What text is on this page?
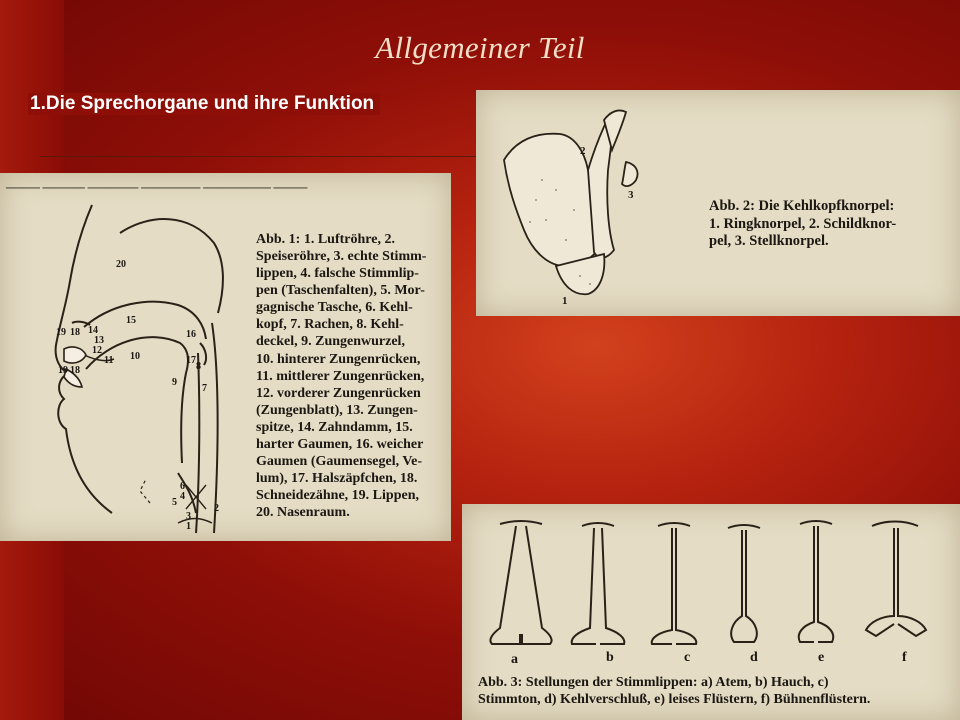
Allgemeiner Teil
1.Die Sprechorgane und ihre Funktion
▁▁▁▁ ▁▁▁▁▁ ▁▁▁▁▁▁ ▁▁▁▁▁▁▁ ▁▁▁▁▁▁▁▁ ▁▁▁▁
20
15
16
19 18 14
13
12
11 10	17
9
8
7
6
4
5
3
2
1
19 18
Abb. 1: 1. Luftröhre, 2.
Speiseröhre, 3. echte Stimm-
lippen, 4. falsche Stimmlip-
pen (Taschenfalten), 5. Mor-
gagnische Tasche, 6. Kehl-
kopf, 7. Rachen, 8. Kehl-
deckel, 9. Zungenwurzel,
10. hinterer Zungenrücken,
11. mittlerer Zungenrücken,
12. vorderer Zungenrücken
(Zungenblatt), 13. Zungen-
spitze, 14. Zahndamm, 15.
harter Gaumen, 16. weicher
Gaumen (Gaumensegel, Ve-
lum), 17. Halszäpfchen, 18.
Schneidezähne, 19. Lippen,
20. Nasenraum.
1
2
3
Abb. 2: Die Kehlkopfknorpel:
1. Ringknorpel, 2. Schildknor-
pel, 3. Stellknorpel.
a	b	c	d	e	f
Abb. 3: Stellungen der Stimmlippen: a) Atem, b) Hauch, c)
Stimmton, d) Kehlverschluß, e) leises Flüstern, f) Bühnenflüstern.
